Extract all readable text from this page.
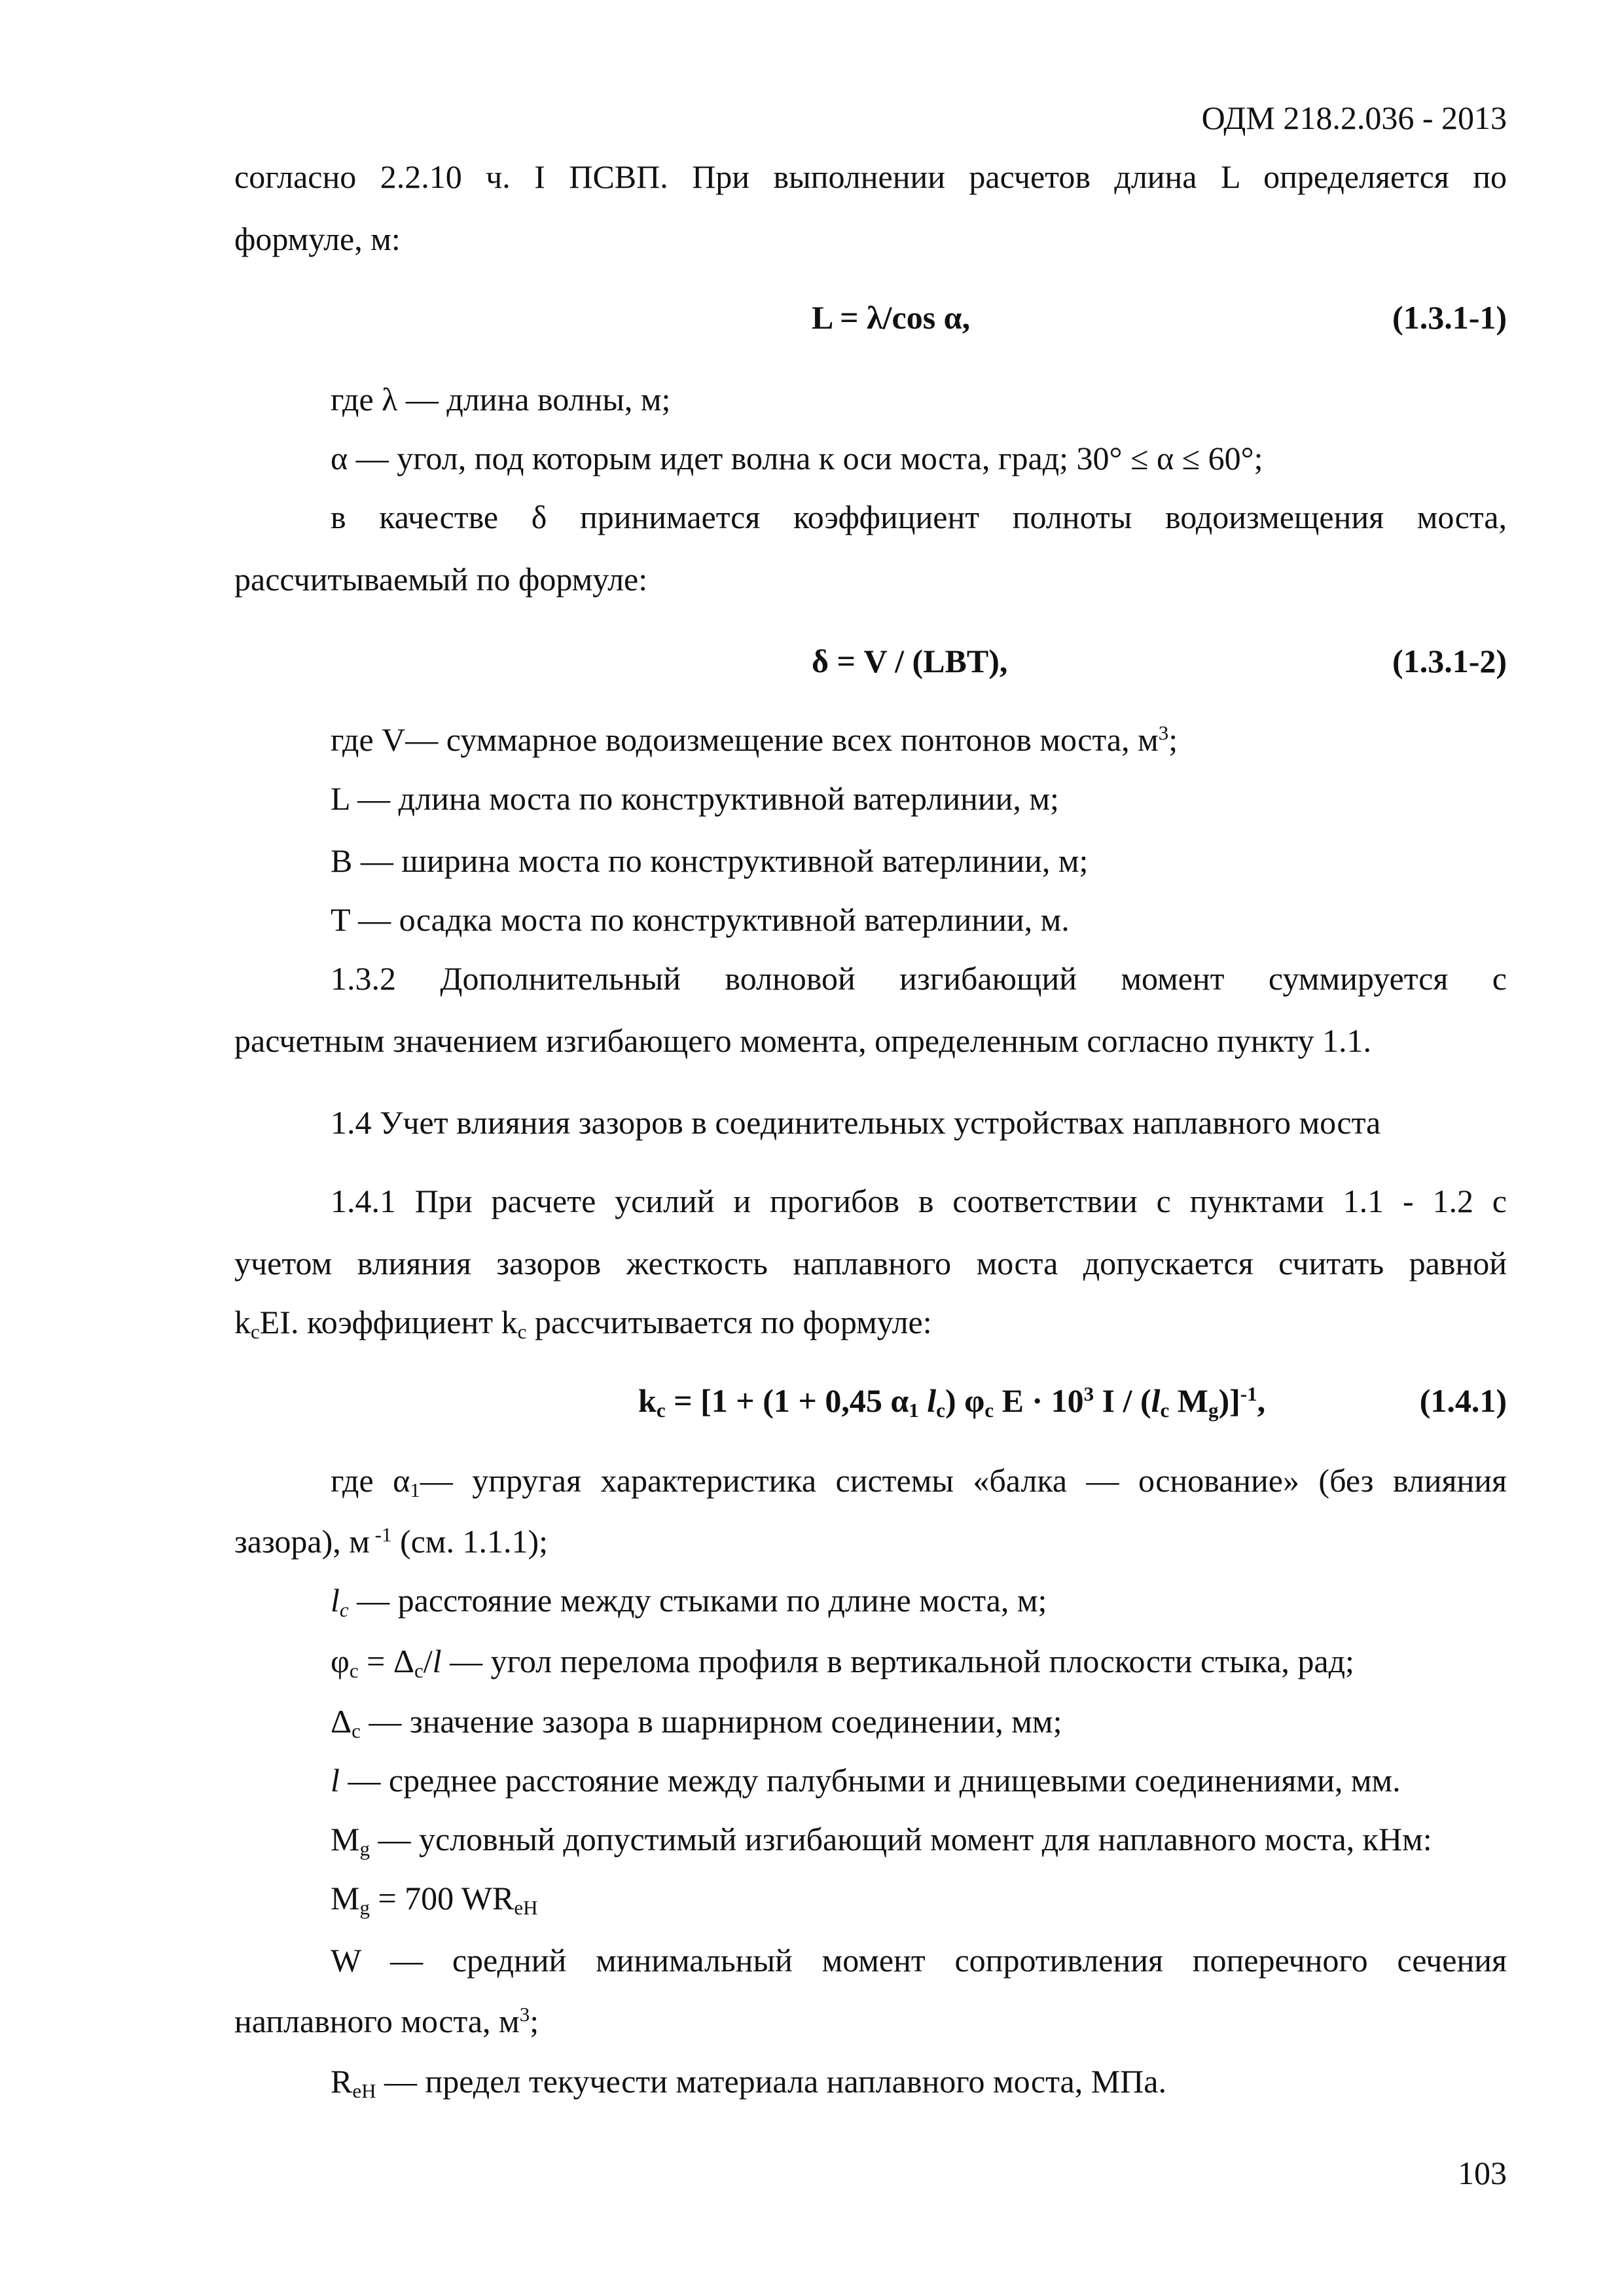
ОДМ 218.2.036 - 2013
согласно 2.2.10 ч. I ПСВП. При выполнении расчетов длина L определяется по
формуле, м:
L = λ/cos α,	(1.3.1-1)
где λ — длина волны, м;
α — угол, под которым идет волна к оси моста, град; 30° ≤ α ≤ 60°;
в качестве δ принимается коэффициент полноты водоизмещения моста,
рассчитываемый по формуле:
δ = V / (LBT),	(1.3.1-2)
где V— суммарное водоизмещение всех понтонов моста, $м^3$;
L — длина моста по конструктивной ватерлинии, м;
B — ширина моста по конструктивной ватерлинии, м;
T — осадка моста по конструктивной ватерлинии, м.
1.3.2 Дополнительный волновой изгибающий момент суммируется с
расчетным значением изгибающего момента, определенным согласно пункту 1.1.
1.4 Учет влияния зазоров в соединительных устройствах наплавного моста
1.4.1 При расчете усилий и прогибов в соответствии с пунктами 1.1 - 1.2 с
учетом влияния зазоров жесткость наплавного моста допускается считать равной
$k_cEI$. коэффициент $k_c$ рассчитывается по формуле:
$k_c = [1 + (1 + 0,45$ $\alpha_1$ $l_c$) $\varphi_c$ $E \cdot 10^3$ I / ($l_c$ $M_g)]^{-1}$,	(1.4.1)
где $\alpha_1—$ упругая характеристика системы «балка — основание» (без влияния
зазора), м $^{-1}$ (см. 1.1.1);
$l_c$ — расстояние между стыками по длине моста, м;
$\varphi_c = \Delta_c/l$ — угол перелома профиля в вертикальной плоскости стыка, рад;
$\Delta_c$ — значение зазора в шарнирном соединении, мм;
l — среднее расстояние между палубными и днищевыми соединениями, мм.
$M_g$ — условный допустимый изгибающий момент для наплавного моста, кНм:
$M_g = 700$ $WR_{eH}$
W — средний минимальный момент сопротивления поперечного сечения
наплавного моста, $м^3$;
$R_{eH}$ — предел текучести материала наплавного моста, МПа.
103
